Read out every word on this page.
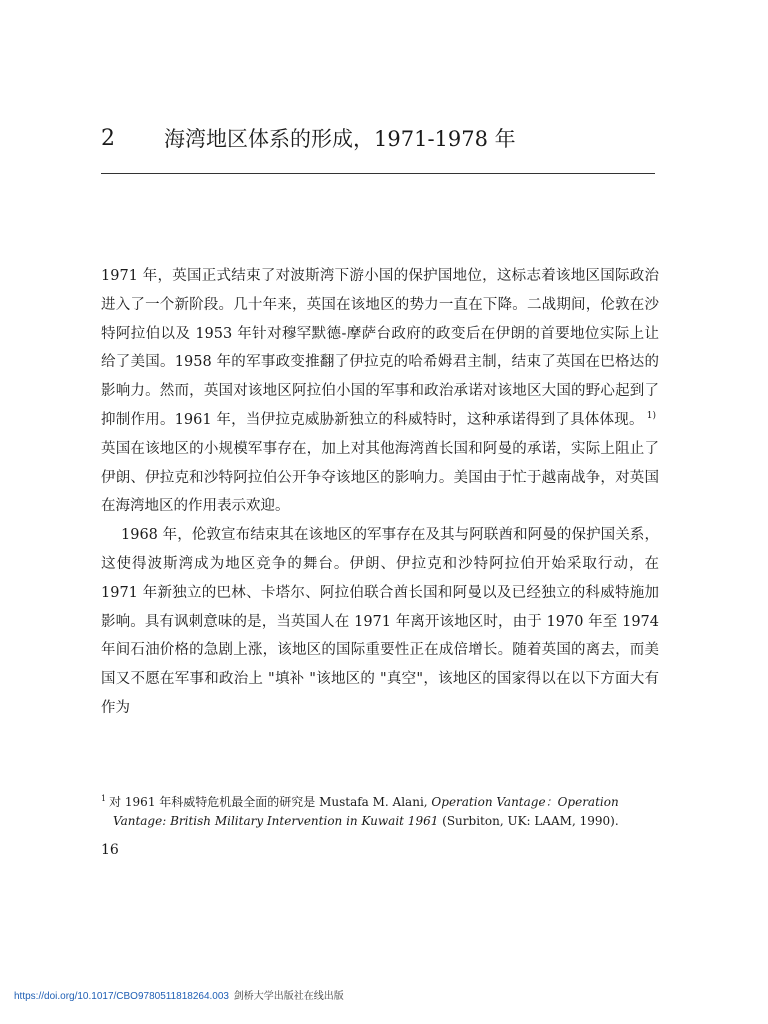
2 海湾地区体系的形成，1971-1978 年

1971 年，英国正式结束了对波斯湾下游小国的保护国地位，这标志着该地区国际政治进入了一个新阶段。几十年来，英国在该地区的势力一直在下降。二战期间，伦敦在沙特阿拉伯以及 1953 年针对穆罕默德-摩萨台政府的政变后在伊朗的首要地位实际上让给了美国。1958 年的军事政变推翻了伊拉克的哈希姆君主制，结束了英国在巴格达的影响力。然而，英国对该地区阿拉伯小国的军事和政治承诺对该地区大国的野心起到了抑制作用。1961 年，当伊拉克威胁新独立的科威特时，这种承诺得到了具体体现。 $^{1)}$英国在该地区的小规模军事存在，加上对其他海湾酋长国和阿曼的承诺，实际上阻止了伊朗、伊拉克和沙特阿拉伯公开争夺该地区的影响力。美国由于忙于越南战争，对英国在海湾地区的作用表示欢迎。

1968 年，伦敦宣布结束其在该地区的军事存在及其与阿联酋和阿曼的保护国关系，这使得波斯湾成为地区竞争的舞台。伊朗、伊拉克和沙特阿拉伯开始采取行动，在 1971 年新独立的巴林、卡塔尔、阿拉伯联合酋长国和阿曼以及已经独立的科威特施加影响。具有讽刺意味的是，当英国人在 1971 年离开该地区时，由于 1970 年至 1974 年间石油价格的急剧上涨，该地区的国际重要性正在成倍增长。随着英国的离去，而美国又不愿在军事和政治上 "填补 "该地区的 "真空"，该地区的国家得以在以下方面大有作为

$^1$ 对 1961 年科威特危机最全面的研究是 Mustafa M. Alani, Operation Vantage：Operation
Vantage: British Military Intervention in Kuwait 1961 (Surbiton, UK: LAAM, 1990).
16
https://doi.org/10.1017/CBO9780511818264.003 剑桥大学出版社在线出版
